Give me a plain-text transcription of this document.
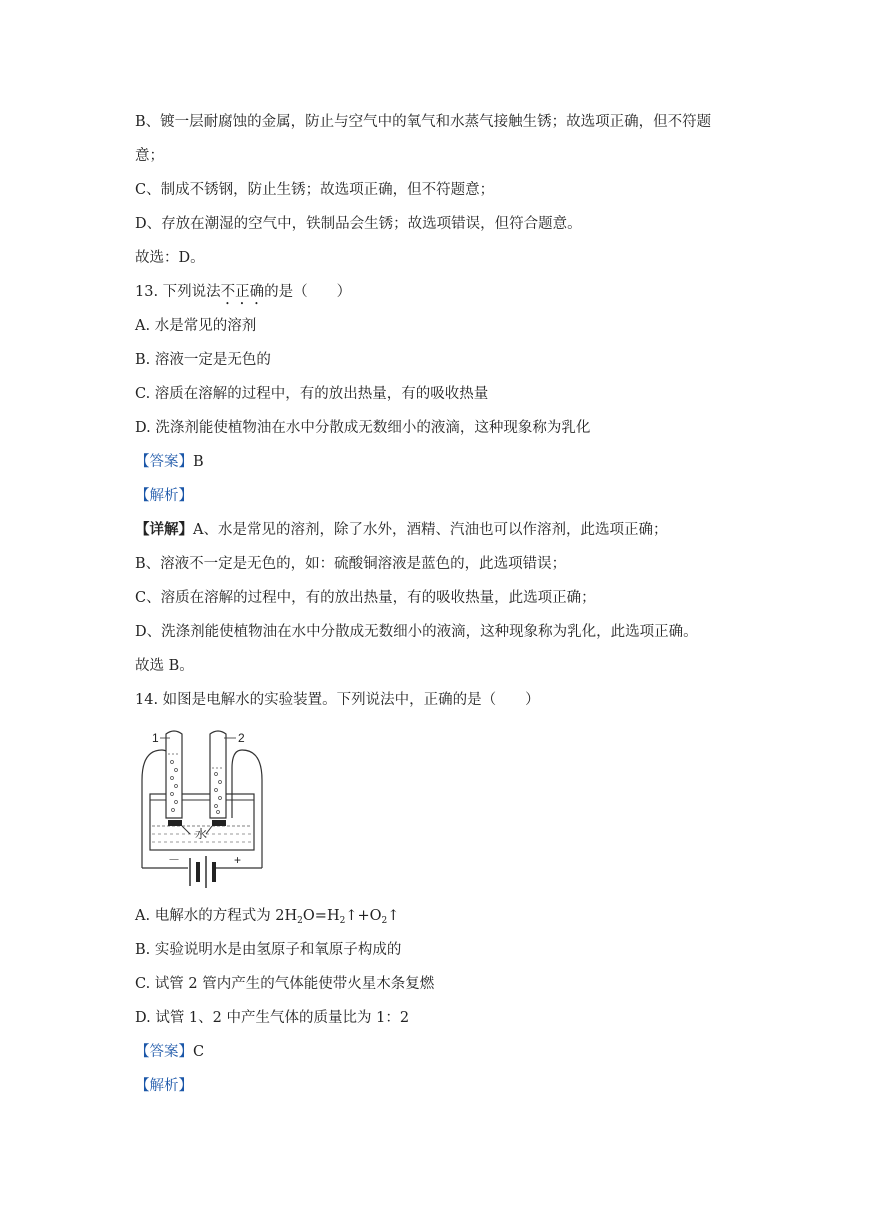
B、镀一层耐腐蚀的金属，防止与空气中的氧气和水蒸气接触生锈；故选项正确，但不符题
意；
C、制成不锈钢，防止生锈；故选项正确，但不符题意；
D、存放在潮湿的空气中，铁制品会生锈；故选项错误，但符合题意。
故选：D。
13. 下列说法不正确的是（　　）
A. 水是常见的溶剂
B. 溶液一定是无色的
C. 溶质在溶解的过程中，有的放出热量，有的吸收热量
D. 洗涤剂能使植物油在水中分散成无数细小的液滴，这种现象称为乳化
【答案】B
【解析】
【详解】A、水是常见的溶剂，除了水外，酒精、汽油也可以作溶剂，此选项正确；
B、溶液不一定是无色的，如：硫酸铜溶液是蓝色的，此选项错误；
C、溶质在溶解的过程中，有的放出热量，有的吸收热量，此选项正确；
D、洗涤剂能使植物油在水中分散成无数细小的液滴，这种现象称为乳化，此选项正确。
故选 B。
14. 如图是电解水的实验装置。下列说法中，正确的是（　　）
1	2
水
－	+
A. 电解水的方程式为 $2H_2O=H_2↑+O_2↑$
B. 实验说明水是由氢原子和氧原子构成的
C. 试管 2 管内产生的气体能使带火星木条复燃
D. 试管 1、2 中产生气体的质量比为 1：2
【答案】C
【解析】
